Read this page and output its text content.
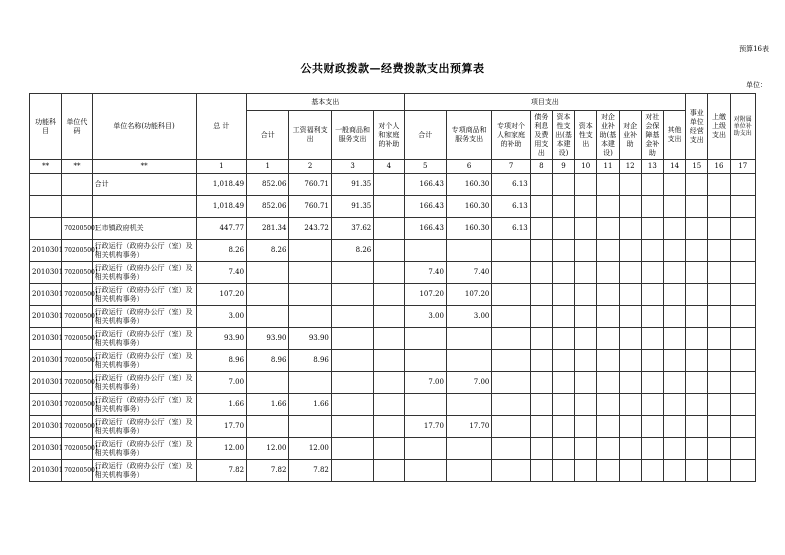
预算16表
公共财政拨款—经费拨款支出预算表
单位：
功能科目	单位代码	单位名称(功能科目)	总 计	基本支出				项目支出										事业单位经营支出	上缴上级支出	对附属单位补助支出
				合计	工资福利支出	一般商品和服务支出	对个人和家庭的补助	合计	专项商品和服务支出	专项对个人和家庭的补助	债务利息及费用支出	资本性支出(基本建设)	资本性支出	对企业补助(基本建设)	对企业补助	对社会保障基金补助	其他支出			
**	**	**	1	1	2	3	4	5	6	7	8	9	10	11	12	13	14	15	16	17
		合计	1,018.49	852.06	760.71	91.35		166.43	160.30	6.13										
			1,018.49	852.06	760.71	91.35		166.43	160.30	6.13										
	702005001	三市镇政府机关	447.77	281.34	243.72	37.62		166.43	160.30	6.13										
2010301	702005001	行政运行（政府办公厅（室）及相关机构事务）	8.26	8.26		8.26														
2010301	702005001	行政运行（政府办公厅（室）及相关机构事务）	7.40					7.40	7.40											
2010301	702005001	行政运行（政府办公厅（室）及相关机构事务）	107.20					107.20	107.20											
2010301	702005001	行政运行（政府办公厅（室）及相关机构事务）	3.00					3.00	3.00											
2010301	702005001	行政运行（政府办公厅（室）及相关机构事务）	93.90	93.90	93.90															
2010301	702005001	行政运行（政府办公厅（室）及相关机构事务）	8.96	8.96	8.96															
2010301	702005001	行政运行（政府办公厅（室）及相关机构事务）	7.00					7.00	7.00											
2010301	702005001	行政运行（政府办公厅（室）及相关机构事务）	1.66	1.66	1.66															
2010301	702005001	行政运行（政府办公厅（室）及相关机构事务）	17.70					17.70	17.70											
2010301	702005001	行政运行（政府办公厅（室）及相关机构事务）	12.00	12.00	12.00															
2010301	702005001	行政运行（政府办公厅（室）及相关机构事务）	7.82	7.82	7.82															
